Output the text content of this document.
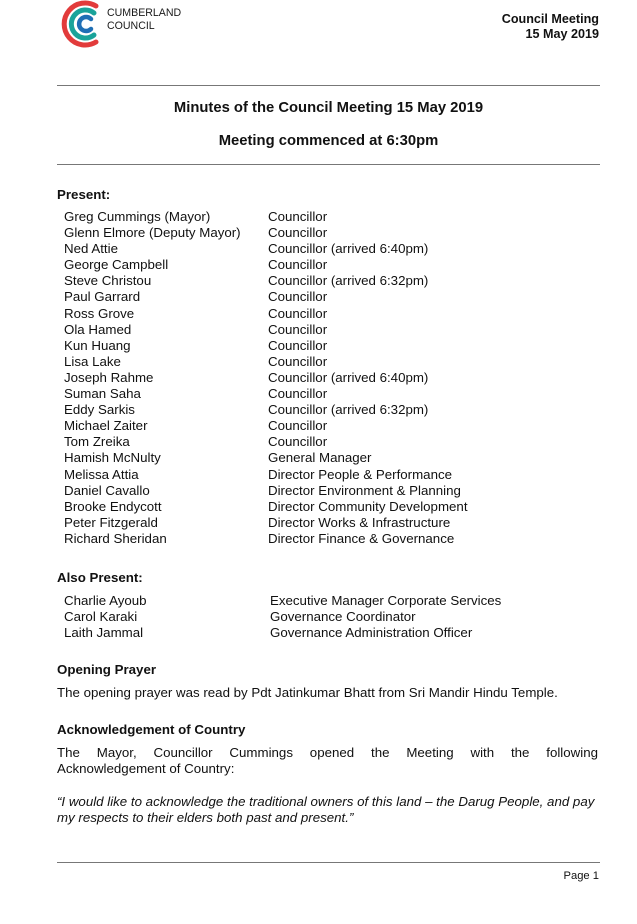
CUMBERLAND
COUNCIL	Council Meeting
15 May 2019
Minutes of the Council Meeting 15 May 2019
Meeting commenced at 6:30pm
Present:
Greg Cummings (Mayor)	Councillor
Glenn Elmore (Deputy Mayor) Councillor
Ned Attie	Councillor (arrived 6:40pm)
George Campbell	Councillor
Steve Christou	Councillor (arrived 6:32pm)
Paul Garrard	Councillor
Ross Grove	Councillor
Ola Hamed	Councillor
Kun Huang	Councillor
Lisa Lake	Councillor
Joseph Rahme	Councillor (arrived 6:40pm)
Suman Saha	Councillor
Eddy Sarkis	Councillor (arrived 6:32pm)
Michael Zaiter	Councillor
Tom Zreika	Councillor
Hamish McNulty	General Manager
Melissa Attia	Director People & Performance
Daniel Cavallo	Director Environment & Planning
Brooke Endycott	Director Community Development
Peter Fitzgerald	Director Works & Infrastructure
Richard Sheridan	Director Finance & Governance
Also Present:
Charlie Ayoub	Executive Manager Corporate Services
Carol Karaki	Governance Coordinator
Laith Jammal	Governance Administration Officer
Opening Prayer
The opening prayer was read by Pdt Jatinkumar Bhatt from Sri Mandir Hindu Temple.
Acknowledgement of Country
The Mayor, Councillor Cummings opened the Meeting with the following
Acknowledgement of Country:
“I would like to acknowledge the traditional owners of this land – the Darug People, and pay my respects to their elders both past and present.”
Page 1
